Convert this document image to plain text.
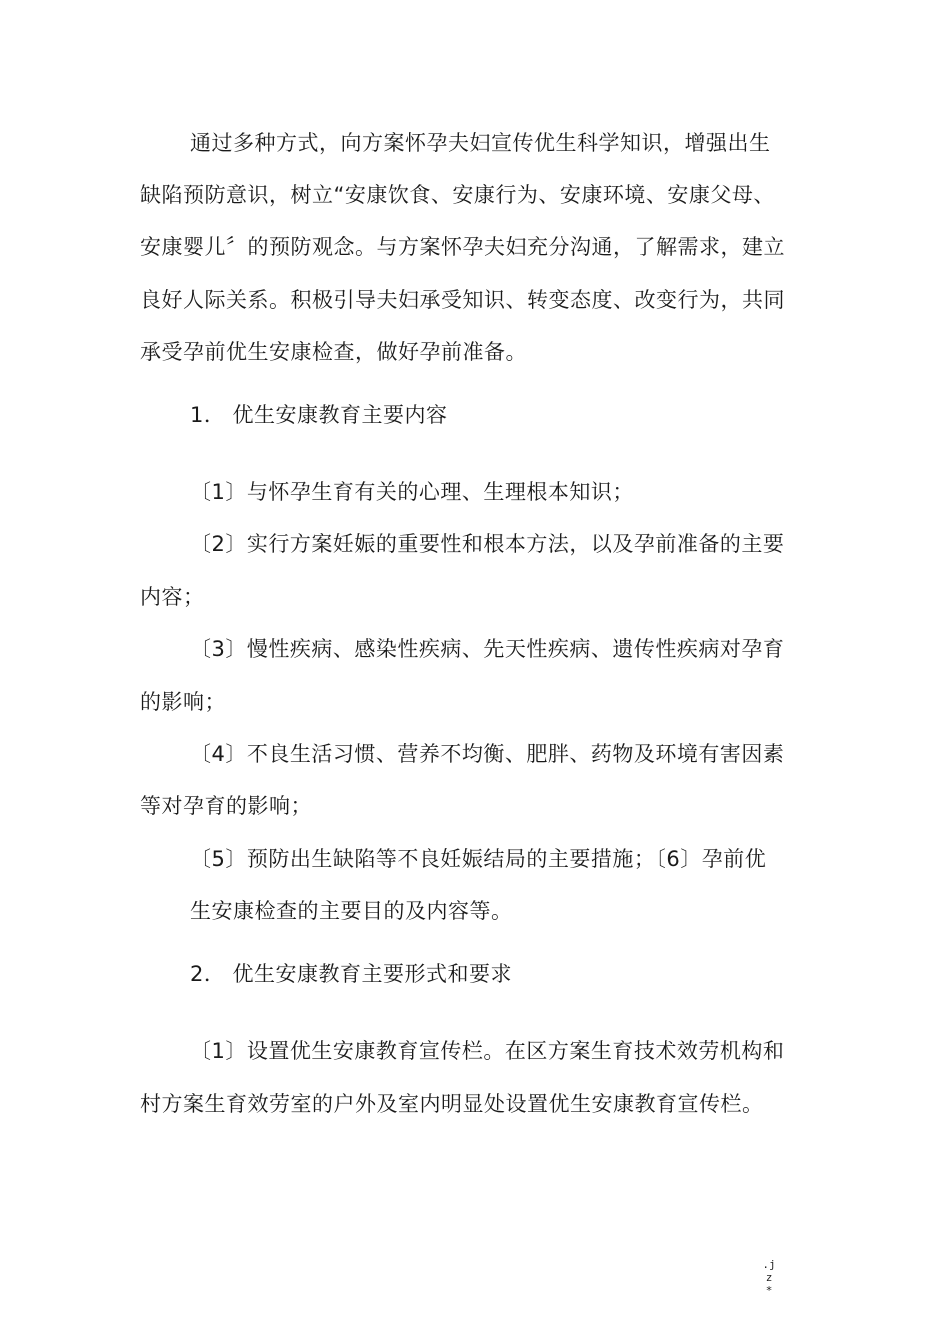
通过多种方式，向方案怀孕夫妇宣传优生科学知识，增强出生
缺陷预防意识，树立“安康饮食、安康行为、安康环境、安康父母、
安康婴儿〞的预防观念。与方案怀孕夫妇充分沟通，了解需求，建立
良好人际关系。积极引导夫妇承受知识、转变态度、改变行为，共同
承受孕前优生安康检查，做好孕前准备。
1． 优生安康教育主要内容
〔1〕与怀孕生育有关的心理、生理根本知识；
〔2〕实行方案妊娠的重要性和根本方法，以及孕前准备的主要
内容；
〔3〕慢性疾病、感染性疾病、先天性疾病、遗传性疾病对孕育
的影响；
〔4〕不良生活习惯、营养不均衡、肥胖、药物及环境有害因素
等对孕育的影响；
〔5〕预防出生缺陷等不良妊娠结局的主要措施；〔6〕孕前优
生安康检查的主要目的及内容等。
2． 优生安康教育主要形式和要求
〔1〕设置优生安康教育宣传栏。在区方案生育技术效劳机构和
村方案生育效劳室的户外及室内明显处设置优生安康教育宣传栏。
.j
z
*
